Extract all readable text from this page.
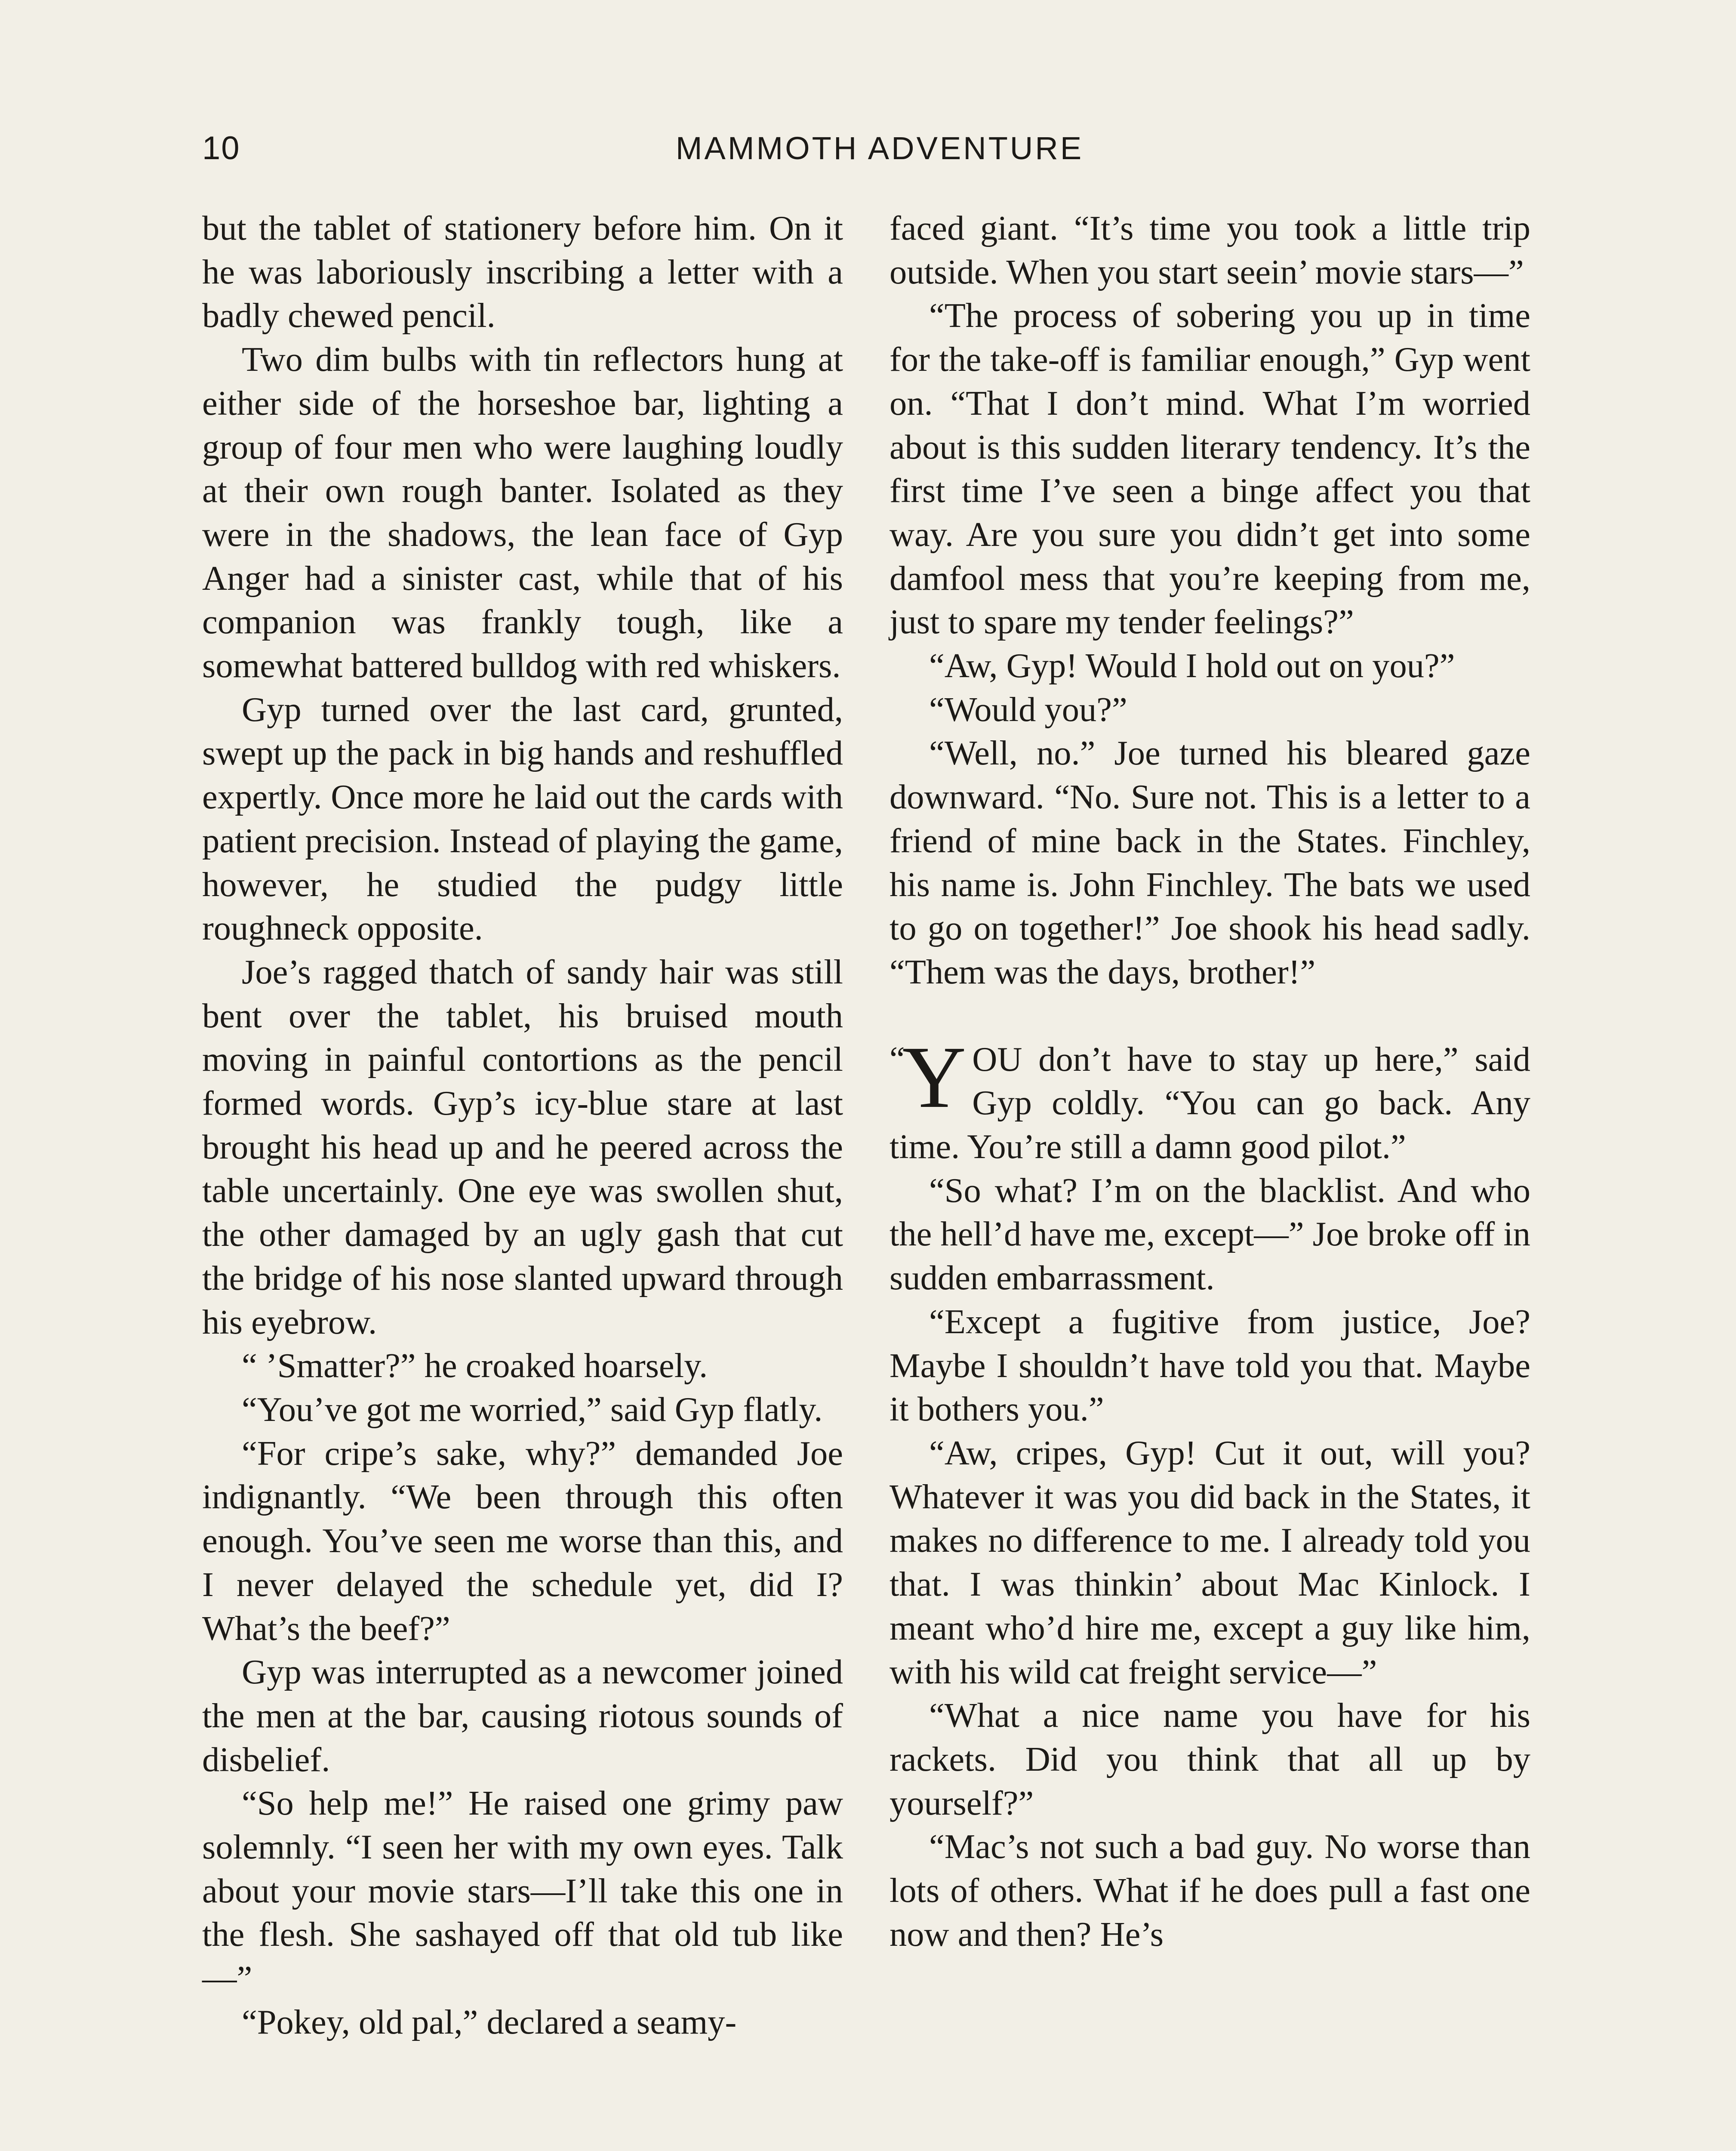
10	MAMMOTH ADVENTURE

but the tablet of stationery before him. On it he was laboriously inscribing a letter with a badly chewed pencil.

Two dim bulbs with tin reflectors hung at either side of the horseshoe bar, lighting a group of four men who were laughing loudly at their own rough banter. Isolated as they were in the shadows, the lean face of Gyp Anger had a sinister cast, while that of his companion was frankly tough, like a somewhat battered bulldog with red whiskers.

Gyp turned over the last card, grunted, swept up the pack in big hands and reshuffled expertly. Once more he laid out the cards with patient precision. Instead of playing the game, however, he studied the pudgy little roughneck opposite.

Joe’s ragged thatch of sandy hair was still bent over the tablet, his bruised mouth moving in painful contortions as the pencil formed words. Gyp’s icy-blue stare at last brought his head up and he peered across the table uncertainly. One eye was swollen shut, the other damaged by an ugly gash that cut the bridge of his nose slanted upward through his eyebrow.

“ ’Smatter?” he croaked hoarsely.

“You’ve got me worried,” said Gyp flatly.

“For cripe’s sake, why?” demanded Joe indignantly. “We been through this often enough. You’ve seen me worse than this, and I never delayed the schedule yet, did I? What’s the beef?”

Gyp was interrupted as a newcomer joined the men at the bar, causing riotous sounds of disbelief.

“So help me!” He raised one grimy paw solemnly. “I seen her with my own eyes. Talk about your movie stars—I’ll take this one in the flesh. She sashayed off that old tub like—”

“Pokey, old pal,” declared a seamy-

faced giant. “It’s time you took a little trip outside. When you start seein’ movie stars—”

“The process of sobering you up in time for the take-off is familiar enough,” Gyp went on. “That I don’t mind. What I’m worried about is this sudden literary tendency. It’s the first time I’ve seen a binge affect you that way. Are you sure you didn’t get into some damfool mess that you’re keeping from me, just to spare my tender feelings?”

“Aw, Gyp! Would I hold out on you?”

“Would you?”

“Well, no.” Joe turned his bleared gaze downward. “No. Sure not. This is a letter to a friend of mine back in the States. Finchley, his name is. John Finchley. The bats we used to go on together!” Joe shook his head sadly. “Them was the days, brother!”

“
Y OU don’t have to stay up here,” said Gyp coldly. “You can go back. Any time. You’re still a damn good pilot.”

“So what? I’m on the blacklist. And who the hell’d have me, except—” Joe broke off in sudden embarrassment.

“Except a fugitive from justice, Joe? Maybe I shouldn’t have told you that. Maybe it bothers you.”

“Aw, cripes, Gyp! Cut it out, will you? Whatever it was you did back in the States, it makes no difference to me. I already told you that. I was thinkin’ about Mac Kinlock. I meant who’d hire me, except a guy like him, with his wild cat freight service—”

“What a nice name you have for his rackets. Did you think that all up by yourself?”

“Mac’s not such a bad guy. No worse than lots of others. What if he does pull a fast one now and then? He’s
